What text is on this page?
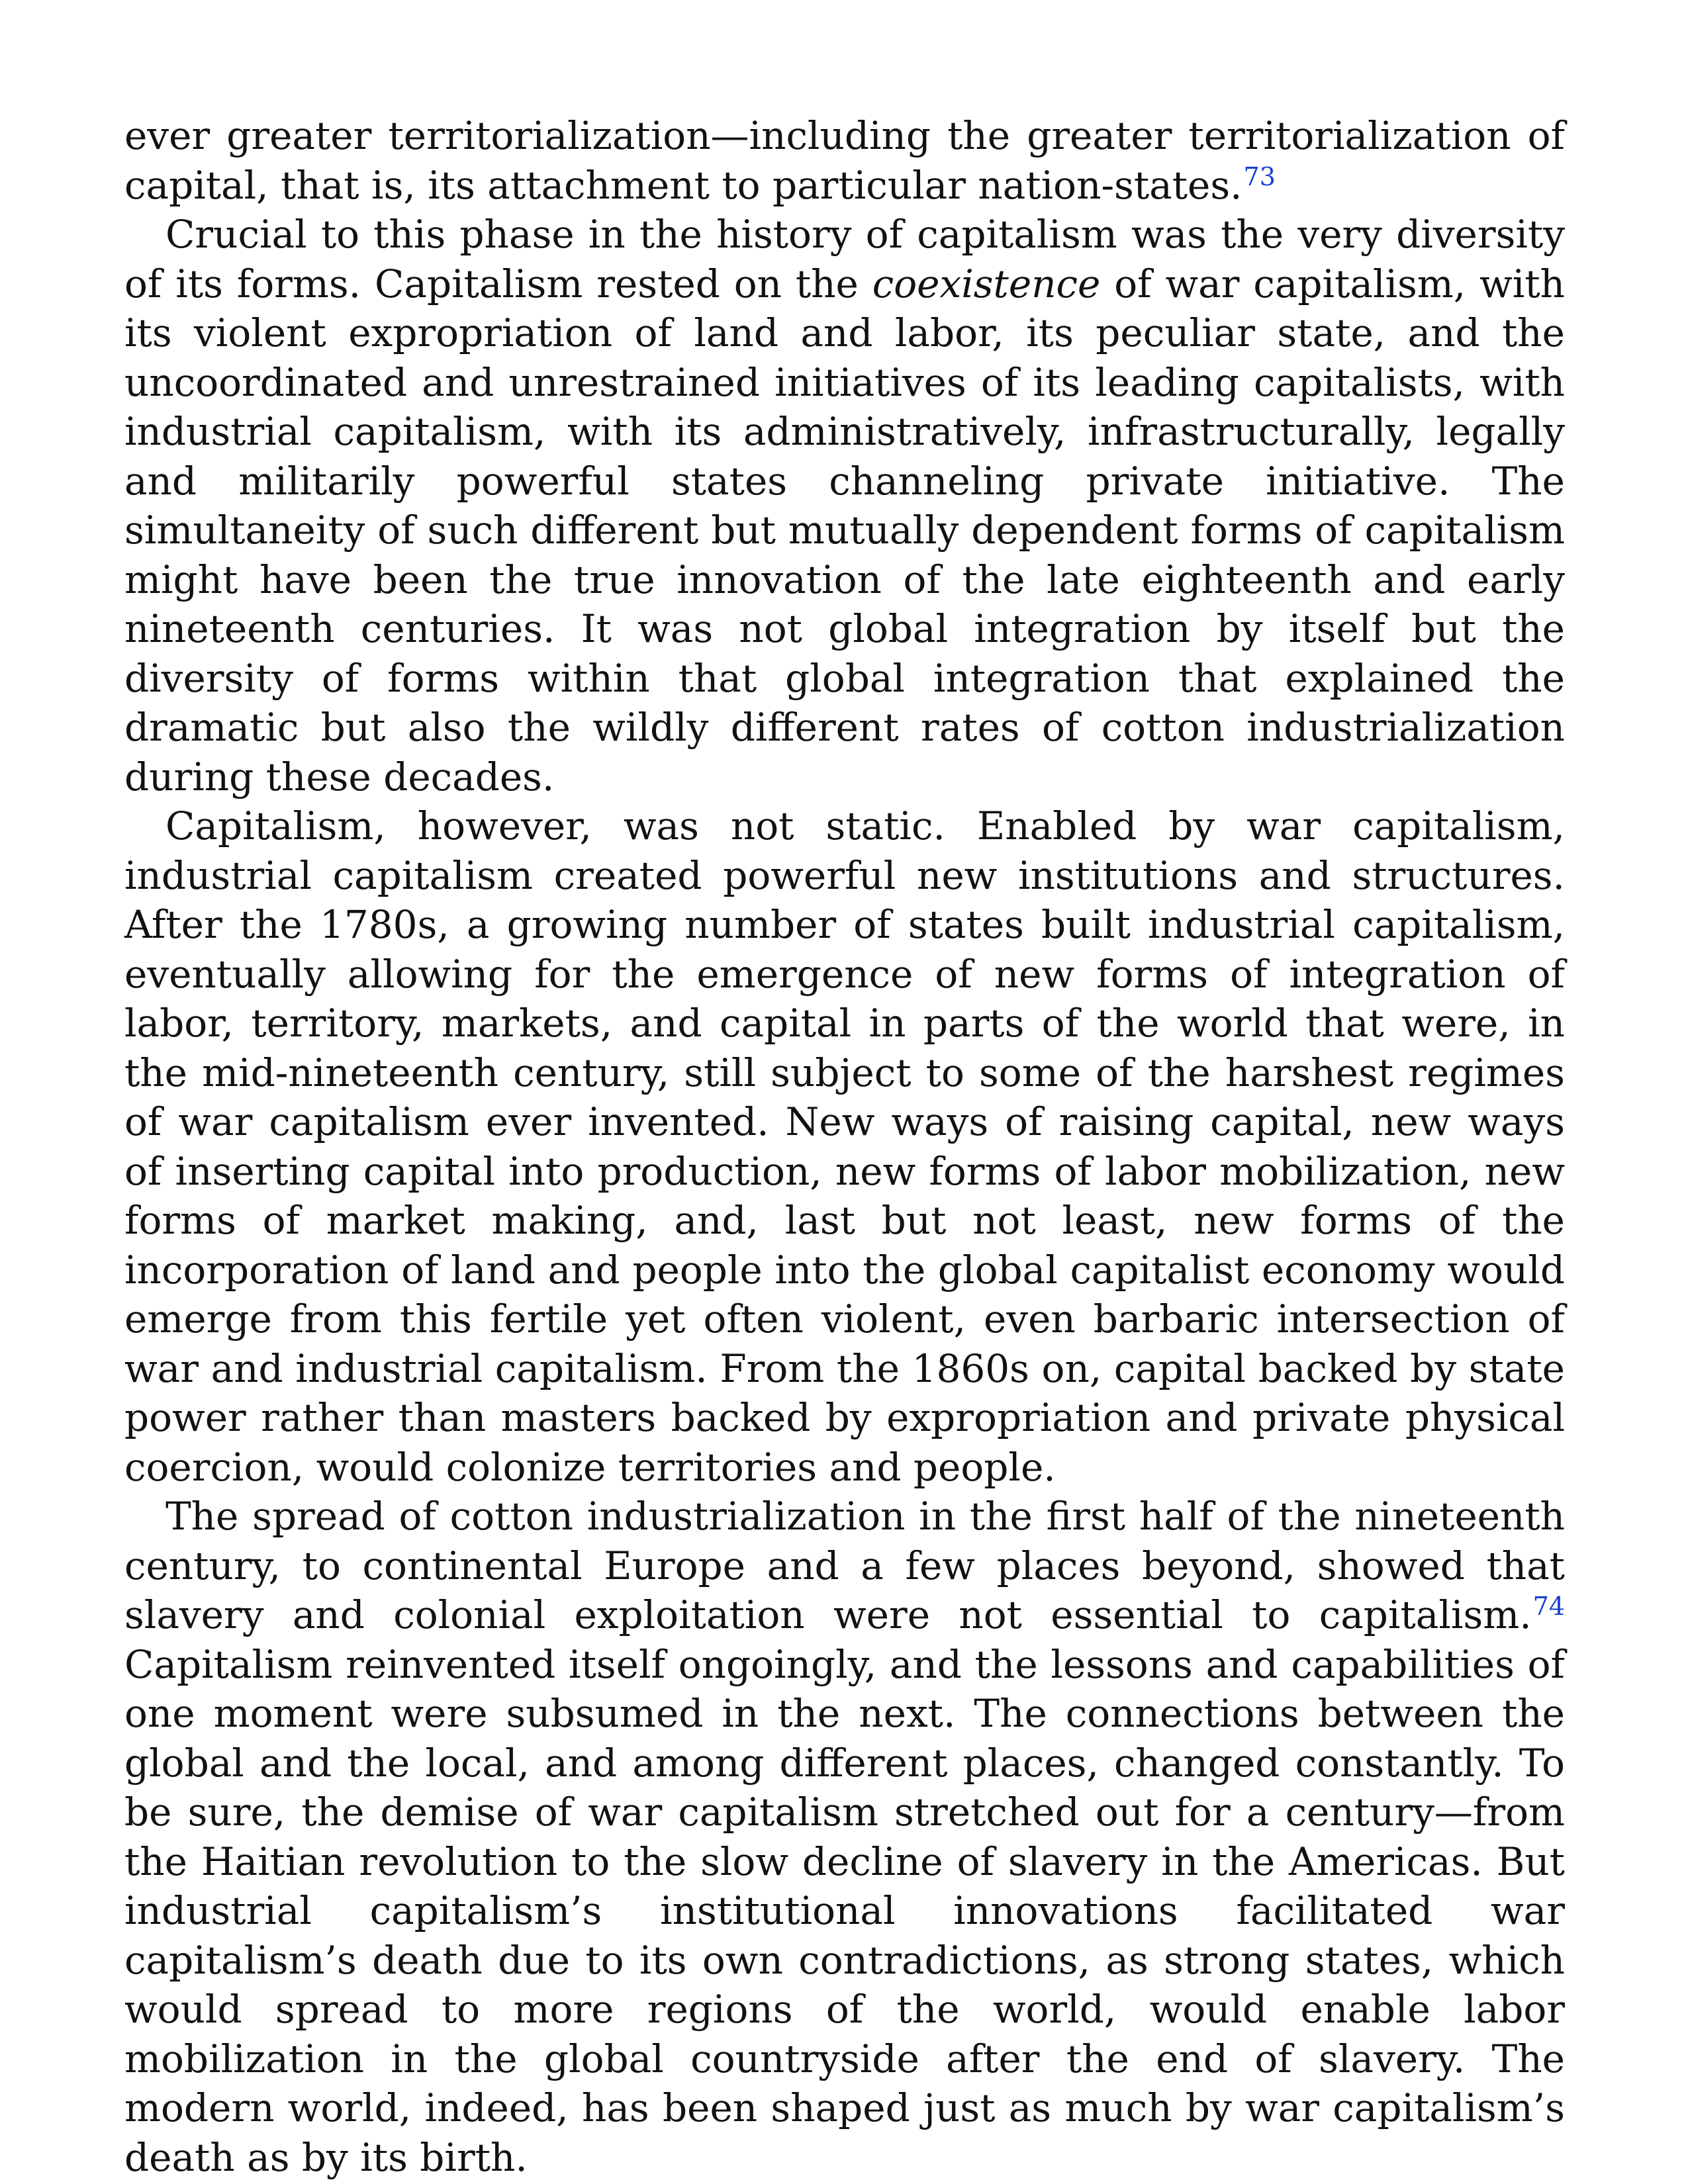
ever greater territorialization—including the greater territorialization of capital, that is, its attachment to particular nation-states.$^{73}$

Crucial to this phase in the history of capitalism was the very diversity of its forms. Capitalism rested on the coexistence of war capitalism, with its violent expropriation of land and labor, its peculiar state, and the uncoordinated and unrestrained initiatives of its leading capitalists, with industrial capitalism, with its administratively, infrastructurally, legally and militarily powerful states channeling private initiative. The simultaneity of such different but mutually dependent forms of capitalism might have been the true innovation of the late eighteenth and early nineteenth centuries. It was not global integration by itself but the diversity of forms within that global integration that explained the dramatic but also the wildly different rates of cotton industrialization during these decades.

Capitalism, however, was not static. Enabled by war capitalism, industrial capitalism created powerful new institutions and structures. After the 1780s, a growing number of states built industrial capitalism, eventually allowing for the emergence of new forms of integration of labor, territory, markets, and capital in parts of the world that were, in the mid-nineteenth century, still subject to some of the harshest regimes of war capitalism ever invented. New ways of raising capital, new ways of inserting capital into production, new forms of labor mobilization, new forms of market making, and, last but not least, new forms of the incorporation of land and people into the global capitalist economy would emerge from this fertile yet often violent, even barbaric intersection of war and industrial capitalism. From the 1860s on, capital backed by state power rather than masters backed by expropriation and private physical coercion, would colonize territories and people.

The spread of cotton industrialization in the first half of the nineteenth century, to continental Europe and a few places beyond, showed that slavery and colonial exploitation were not essential to capitalism.$^{74}$ Capitalism reinvented itself ongoingly, and the lessons and capabilities of one moment were subsumed in the next. The connections between the global and the local, and among different places, changed constantly. To be sure, the demise of war capitalism stretched out for a century—from the Haitian revolution to the slow decline of slavery in the Americas. But industrial capitalism’s institutional innovations facilitated war capitalism’s death due to its own contradictions, as strong states, which would spread to more regions of the world, would enable labor mobilization in the global countryside after the end of slavery. The modern world, indeed, has been shaped just as much by war capitalism’s death as by its birth.
